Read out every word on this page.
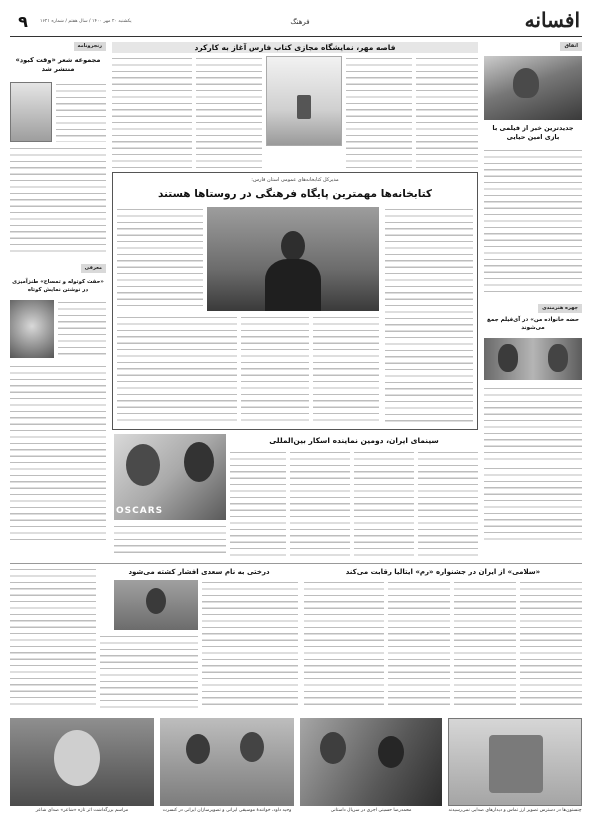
افسانه
فرهنگ
یکشنبه ۲۰ مهر ۱۴۰۰ / سال هفتم / شماره ۱۶۲۱
۹
اتفاق
جدیدترین خبر از فیلمی با بازی امین حیایی
چهره هنرمندی
حضه خانواده من» در آی‌فیلم جمع می‌شوند
رنجرونامه
مجموعه شعر «وقت کبود» منتشر شد
معرفی
«حفت کوتوله و تمساح» طنزآمیزی در نوشتن نمایش کوتاه
فاصه مهر، نمایشگاه مجازی کتاب فارس آغاز به کارکرد
مدیرکل کتابخانه‌های عمومی استان فارس:
کتابخانه‌ها مهمترین پایگاه فرهنگی در روستاها هستند
OSCARS
سینمای ایران، دومین نماینده اسکار بین‌المللی
«سلامی» از ایران در جشنواره «رم» ایتالیا رقابت می‌کند
درختی به نام سعدی افشار کشته می‌شود
چنستون‌ها در دسترس تصویر ارز تماس و دیدارهای صدایی نمی‌رسیدند
محمدرضا حسینی اجری در سریال داستانی
وحید داود، خوانندهٔ موسیقی ایرانی و تصویرسازان ایرانی در کنسرت
مراسم بزرگداشت اثر تازه «شاعر» صدای شاعر
